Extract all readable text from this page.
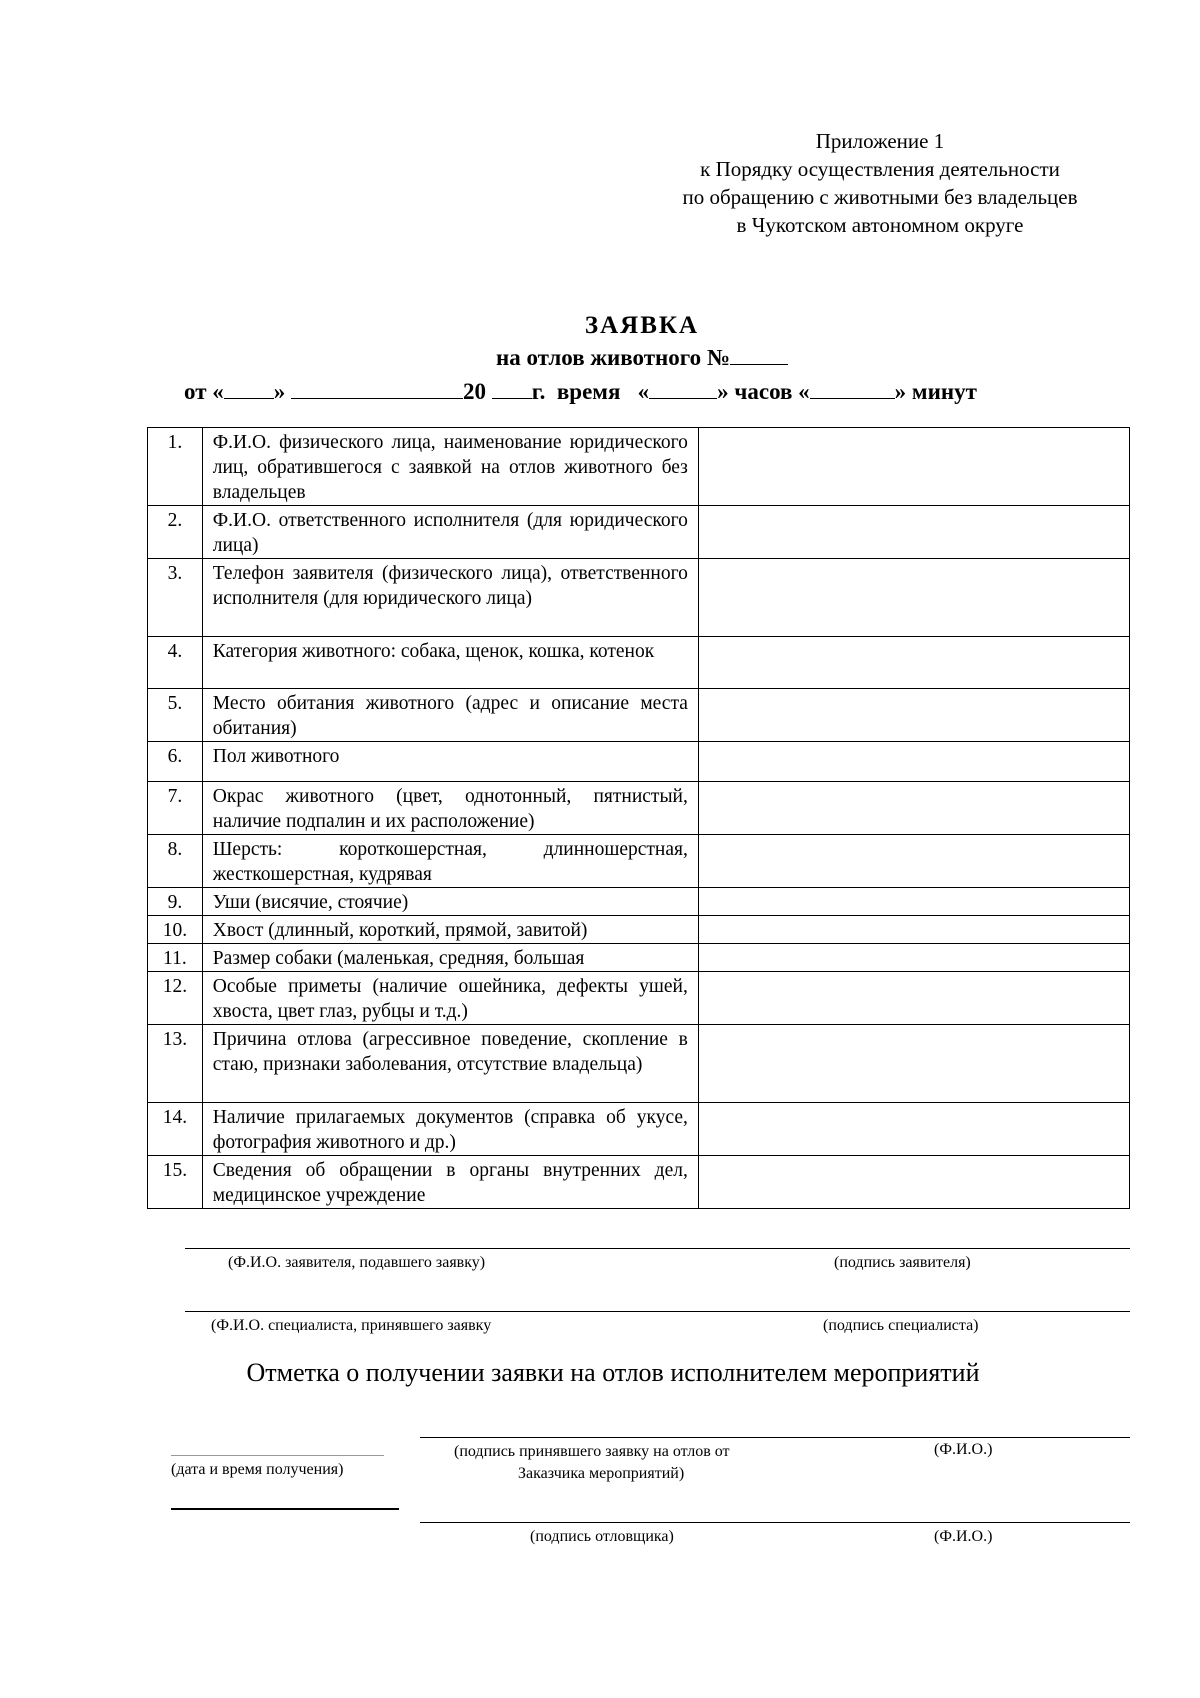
Приложение 1
к Порядку осуществления деятельности
по обращению с животными без владельцев
в Чукотском автономном округе
ЗАЯВКА
на отлов животного №
от « »	20 г.  время «	» часов «	» минут
1.	Ф.И.О. физического лица, наименование юридического лиц, обратившегося с заявкой на отлов животного без владельцев	
2.	Ф.И.О. ответственного исполнителя (для юридического лица)	
3.	Телефон заявителя (физического лица), ответственного исполнителя (для юридического лица)	
4.	Категория животного: собака, щенок, кошка, котенок	
5.	Место обитания животного (адрес и описание места обитания)	
6.	Пол животного	
7.	Окрас животного (цвет, однотонный, пятнистый, наличие подпалин и их расположение)	
8.	Шерсть: короткошерстная, длинношерстная, жесткошерстная, кудрявая	
9.	Уши (висячие, стоячие)	
10.	Хвост (длинный, короткий, прямой, завитой)	
11.	Размер собаки (маленькая, средняя, большая	
12.	Особые приметы (наличие ошейника, дефекты ушей, хвоста, цвет глаз, рубцы и т.д.)	
13.	Причина отлова (агрессивное поведение, скопление в стаю, признаки заболевания, отсутствие владельца)	
14.	Наличие прилагаемых документов (справка об укусе, фотография животного и др.)	
15.	Сведения об обращении в органы внутренних дел, медицинское учреждение	
(Ф.И.О. заявителя, подавшего заявку)	(подпись заявителя)
(Ф.И.О. специалиста, принявшего заявку	(подпись специалиста)
Отметка о получении заявки на отлов исполнителем мероприятий
(дата и время получения)
(подпись принявшего заявку на отлов от
Заказчика мероприятий)
(Ф.И.О.)
(подпись отловщика)	(Ф.И.О.)
